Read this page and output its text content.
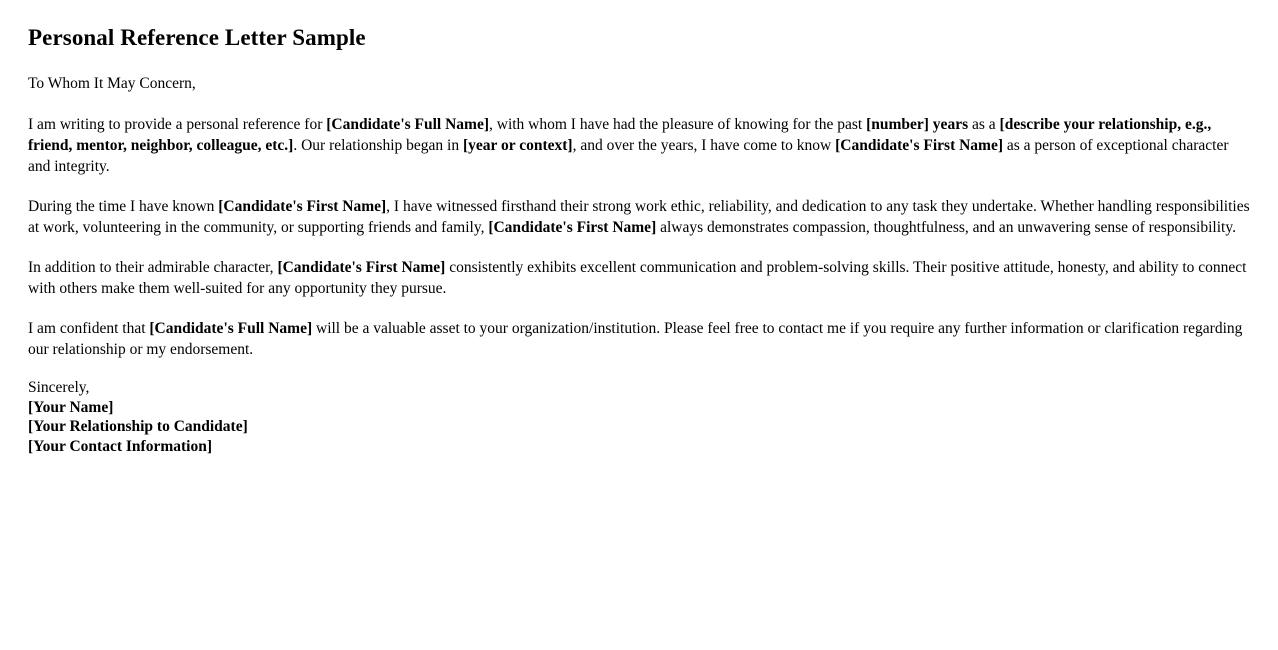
Personal Reference Letter Sample

To Whom It May Concern,

I am writing to provide a personal reference for [Candidate's Full Name], with whom I have had the pleasure of knowing for the past [number] years as a [describe your relationship, e.g., friend, mentor, neighbor, colleague, etc.]. Our relationship began in [year or context], and over the years, I have come to know [Candidate's First Name] as a person of exceptional character and integrity.

During the time I have known [Candidate's First Name], I have witnessed firsthand their strong work ethic, reliability, and dedication to any task they undertake. Whether handling responsibilities at work, volunteering in the community, or supporting friends and family, [Candidate's First Name] always demonstrates compassion, thoughtfulness, and an unwavering sense of responsibility.

In addition to their admirable character, [Candidate's First Name] consistently exhibits excellent communication and problem-solving skills. Their positive attitude, honesty, and ability to connect with others make them well-suited for any opportunity they pursue.

I am confident that [Candidate's Full Name] will be a valuable asset to your organization/institution. Please feel free to contact me if you require any further information or clarification regarding our relationship or my endorsement.

Sincerely,
[Your Name]
[Your Relationship to Candidate]
[Your Contact Information]
